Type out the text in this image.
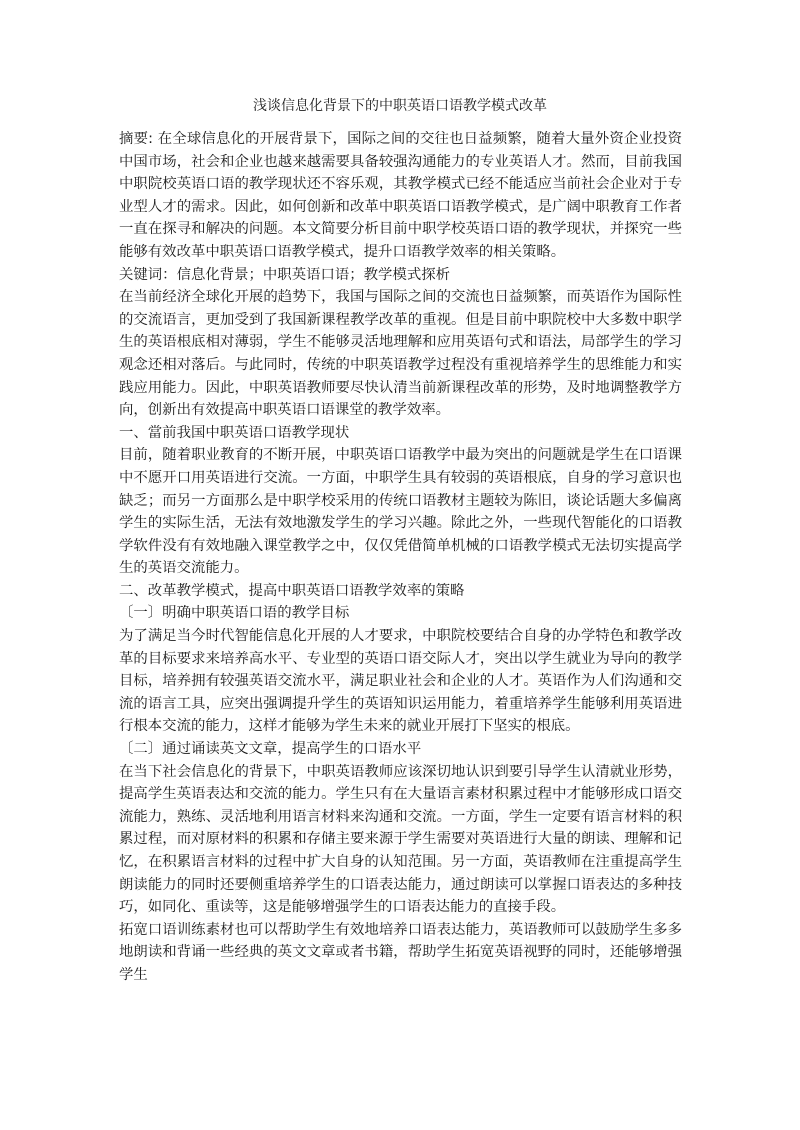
浅谈信息化背景下的中职英语口语教学模式改革

摘要: 在全球信息化的开展背景下，国际之间的交往也日益频繁，随着大量外资企业投资中国市场，社会和企业也越来越需要具备较强沟通能力的专业英语人才。然而，目前我国中职院校英语口语的教学现状还不容乐观，其教学模式已经不能适应当前社会企业对于专业型人才的需求。因此，如何创新和改革中职英语口语教学模式，是广阔中职教育工作者一直在探寻和解决的问题。本文简要分析目前中职学校英语口语的教学现状，并探究一些能够有效改革中职英语口语教学模式，提升口语教学效率的相关策略。

关键词：信息化背景；中职英语口语；教学模式探析

在当前经济全球化开展的趋势下，我国与国际之间的交流也日益频繁，而英语作为国际性的交流语言，更加受到了我国新课程教学改革的重视。但是目前中职院校中大多数中职学生的英语根底相对薄弱，学生不能够灵活地理解和应用英语句式和语法，局部学生的学习观念还相对落后。与此同时，传统的中职英语教学过程没有重视培养学生的思维能力和实践应用能力。因此，中职英语教师要尽快认清当前新课程改革的形势，及时地调整教学方向，创新出有效提高中职英语口语课堂的教学效率。

一、當前我国中职英语口语教学现状

目前，随着职业教育的不断开展，中职英语口语教学中最为突出的问题就是学生在口语课中不愿开口用英语进行交流。一方面，中职学生具有较弱的英语根底，自身的学习意识也缺乏；而另一方面那么是中职学校采用的传统口语教材主题较为陈旧，谈论话题大多偏离学生的实际生活，无法有效地激发学生的学习兴趣。除此之外，一些现代智能化的口语教学软件没有有效地融入课堂教学之中，仅仅凭借简单机械的口语教学模式无法切实提高学生的英语交流能力。

二、改革教学模式，提高中职英语口语教学效率的策略

〔一〕明确中职英语口语的教学目标

为了满足当今时代智能信息化开展的人才要求，中职院校要结合自身的办学特色和教学改革的目标要求来培养高水平、专业型的英语口语交际人才，突出以学生就业为导向的教学目标，培养拥有较强英语交流水平，满足职业社会和企业的人才。英语作为人们沟通和交流的语言工具，应突出强调提升学生的英语知识运用能力，着重培养学生能够利用英语进行根本交流的能力，这样才能够为学生未来的就业开展打下坚实的根底。

〔二〕通过诵读英文文章，提高学生的口语水平

在当下社会信息化的背景下，中职英语教师应该深切地认识到要引导学生认清就业形势，提高学生英语表达和交流的能力。学生只有在大量语言素材积累过程中才能够形成口语交流能力，熟练、灵活地利用语言材料来沟通和交流。一方面，学生一定要有语言材料的积累过程，而对原材料的积累和存储主要来源于学生需要对英语进行大量的朗读、理解和记忆，在积累语言材料的过程中扩大自身的认知范围。另一方面，英语教师在注重提高学生朗读能力的同时还要侧重培养学生的口语表达能力，通过朗读可以掌握口语表达的多种技巧，如同化、重读等，这是能够增强学生的口语表达能力的直接手段。

拓宽口语训练素材也可以帮助学生有效地培养口语表达能力，英语教师可以鼓励学生多多地朗读和背诵一些经典的英文文章或者书籍，帮助学生拓宽英语视野的同时，还能够增强学生
